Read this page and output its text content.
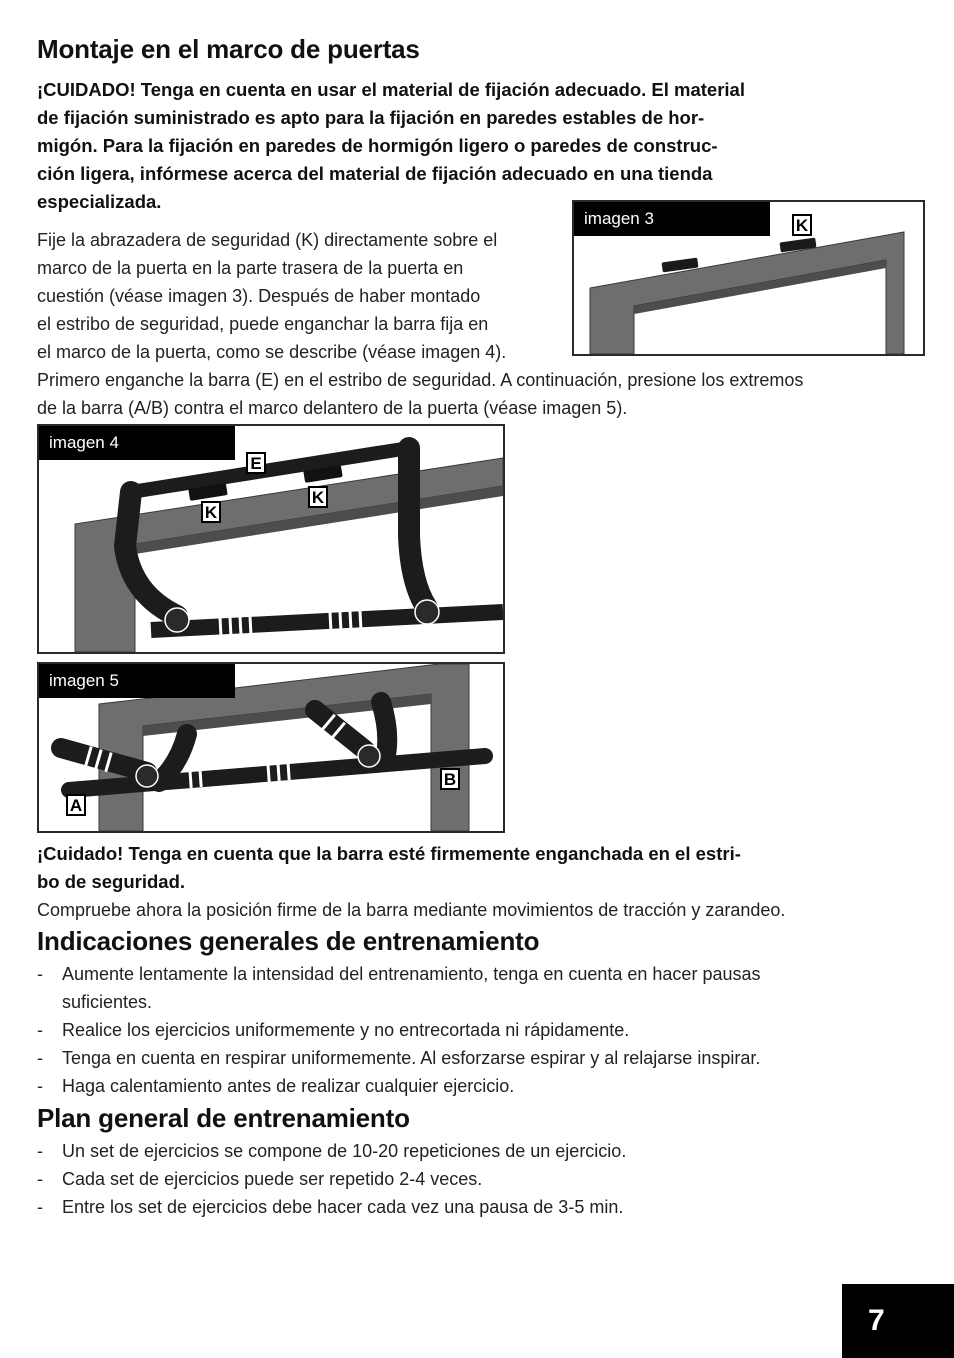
Montaje en el marco de puertas
¡CUIDADO! Tenga en cuenta en usar el material de fijación adecuado. El material
de fijación suministrado es apto para la fijación en paredes estables de hor-
migón. Para la fijación en paredes de hormigón ligero o paredes de construc-
ción ligera, infórmese acerca del material de fijación adecuado en una tienda
especializada.
Fije la abrazadera de seguridad (K) directamente sobre el
marco de la puerta en la parte trasera de la puerta en
cuestión (véase imagen 3). Después de haber montado
el estribo de seguridad, puede enganchar la barra fija en
el marco de la puerta, como se describe (véase imagen 4).
imagen 3	K
Primero enganche la barra (E) en el estribo de seguridad. A continuación, presione los extremos
de la barra (A/B) contra el marco delantero de la puerta (véase imagen 5).
imagen 4
E
K
K
imagen 5
A
B
¡Cuidado! Tenga en cuenta que la barra esté firmemente enganchada en el estri-
bo de seguridad.
Compruebe ahora la posición firme de la barra mediante movimientos de tracción y zarandeo.
Indicaciones generales de entrenamiento
- Aumente lentamente la intensidad del entrenamiento, tenga en cuenta en hacer pausas
suficientes.
- Realice los ejercicios uniformemente y no entrecortada ni rápidamente.
- Tenga en cuenta en respirar uniformemente. Al esforzarse espirar y al relajarse inspirar.
- Haga calentamiento antes de realizar cualquier ejercicio.
Plan general de entrenamiento
- Un set de ejercicios se compone de 10-20 repeticiones de un ejercicio.
- Cada set de ejercicios puede ser repetido 2-4 veces.
- Entre los set de ejercicios debe hacer cada vez una pausa de 3-5 min.
7
